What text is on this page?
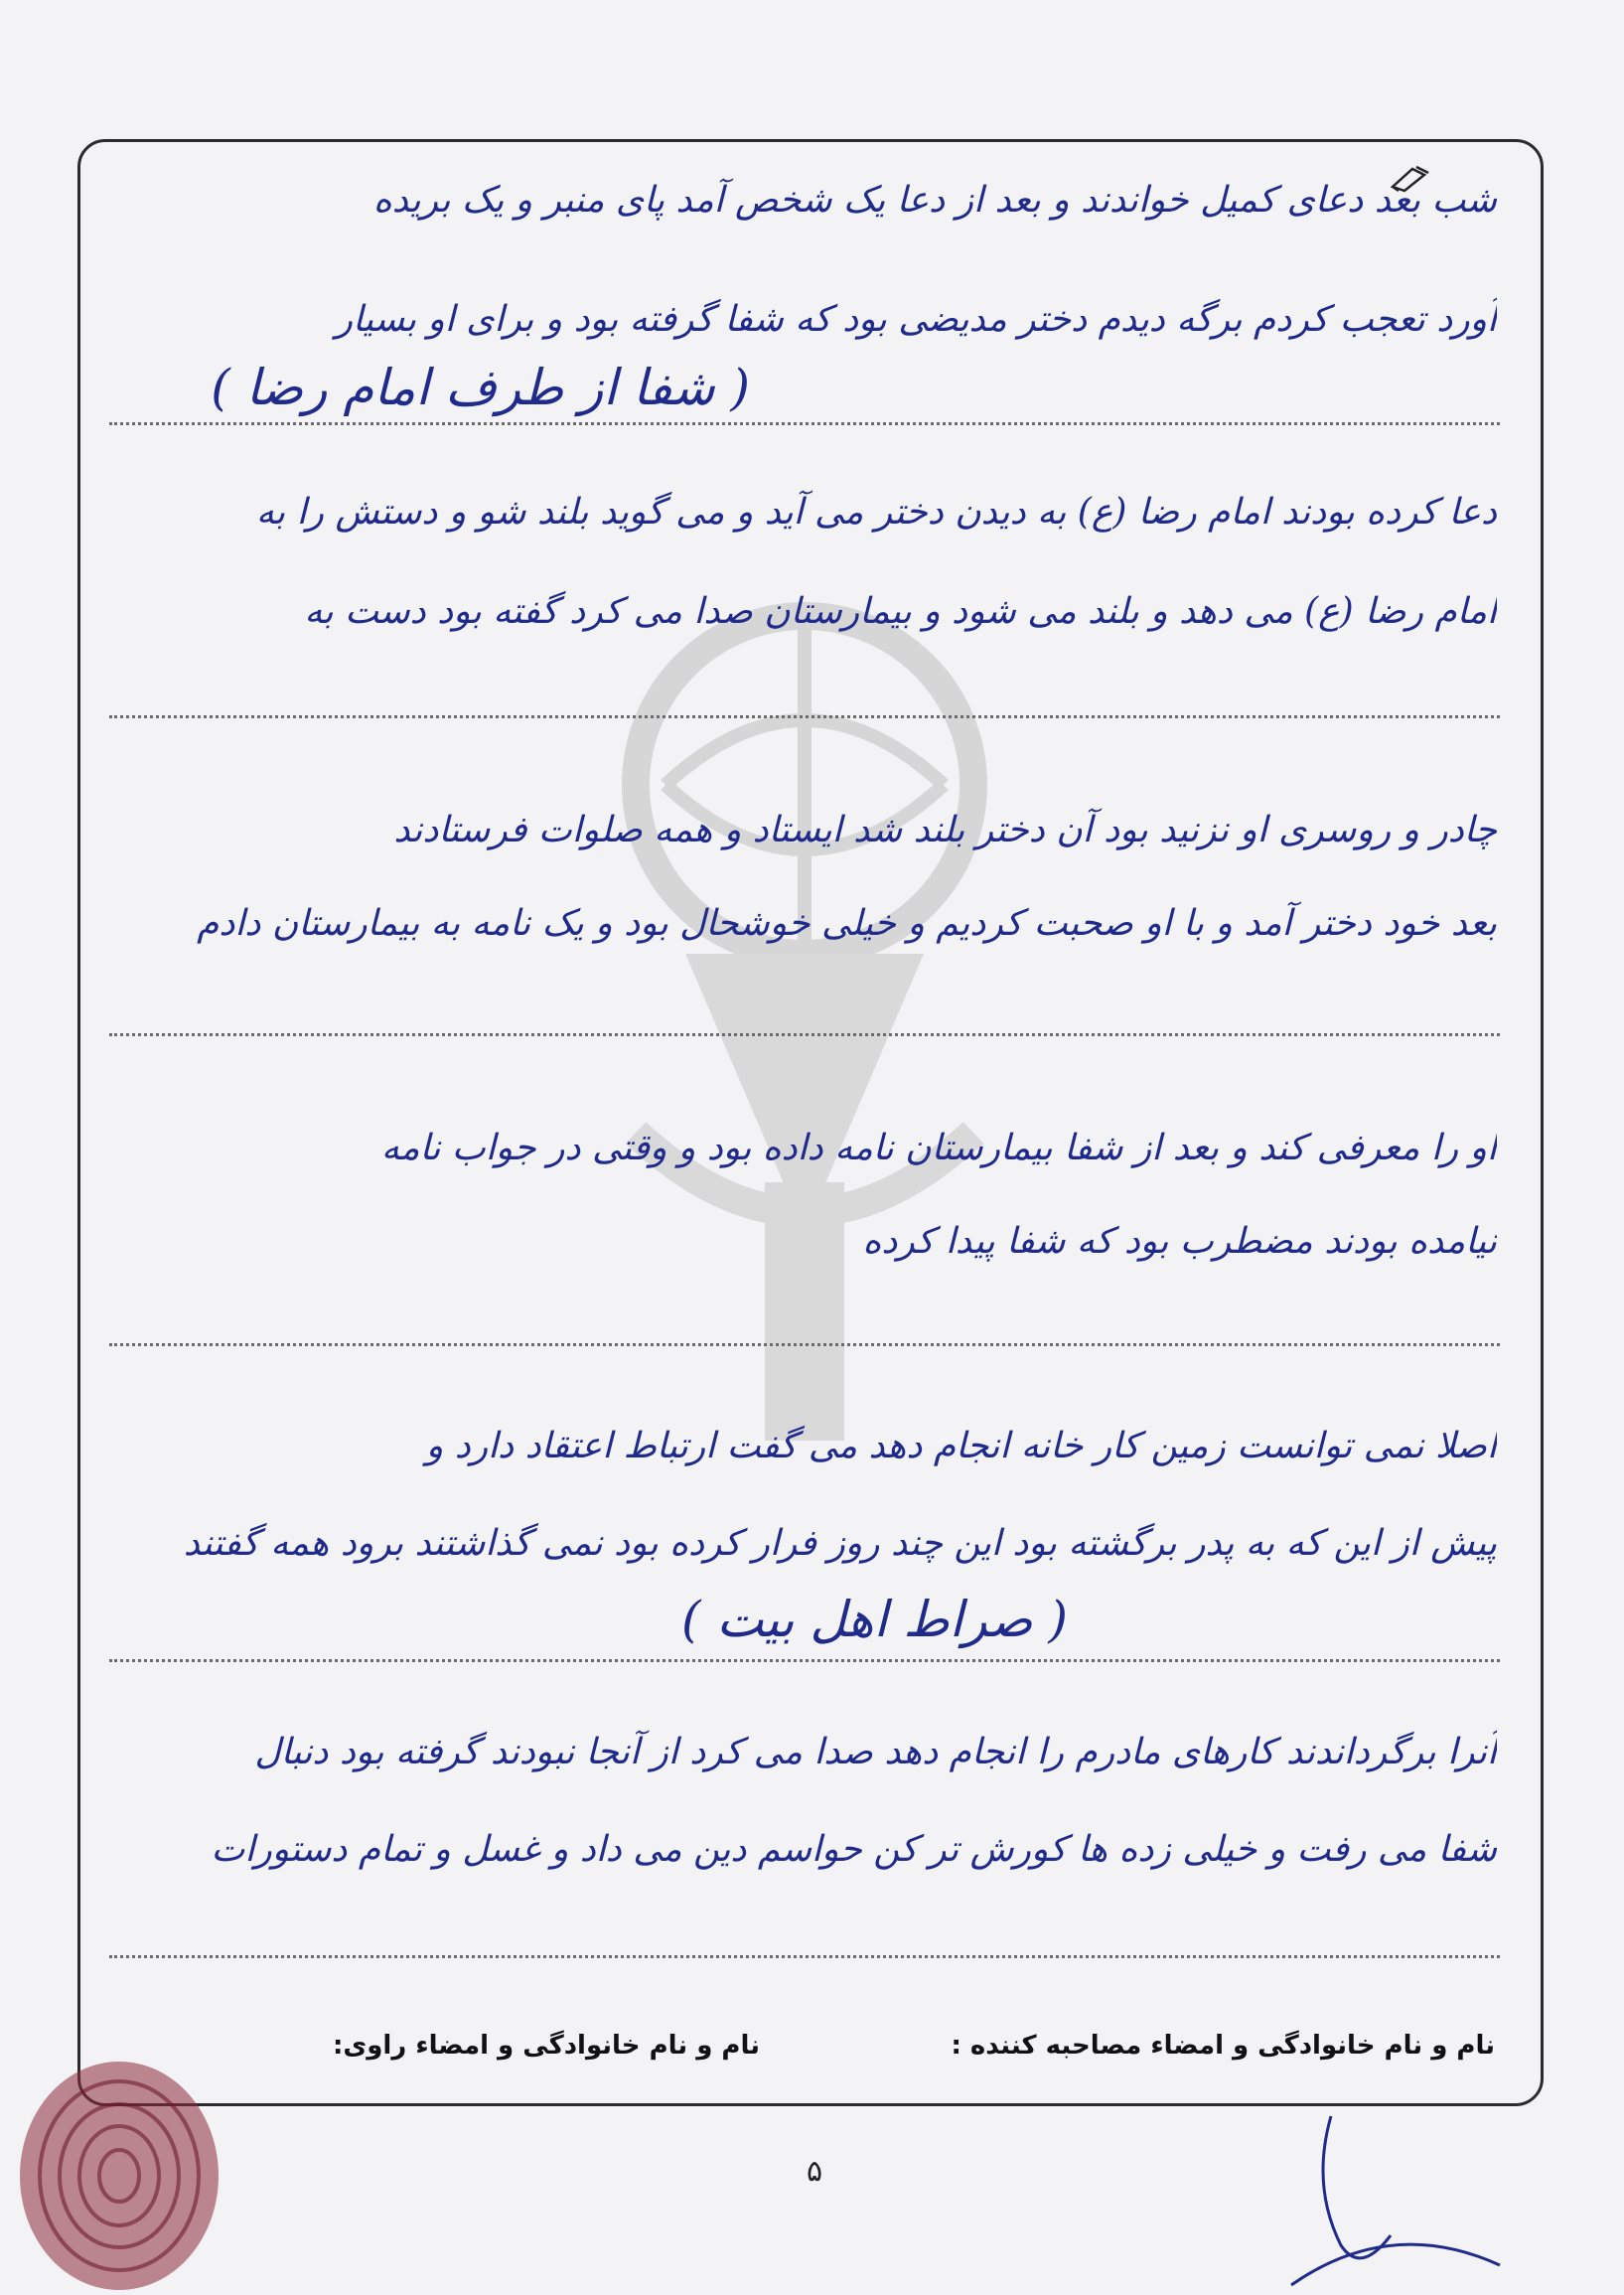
شب بعد دعای کمیل خواندند و بعد از دعا یک شخص آمد پای منبر و یک بریده
آورد تعجب کردم برگه دیدم دختر مدیضی بود که شفا گرفته بود و برای او بسیار
( شفا از طرف امام رضا )
دعا کرده بودند امام رضا (ع) به دیدن دختر می آید و می گوید بلند شو و دستش را به
امام رضا (ع) می دهد و بلند می شود و بیمارستان صدا می کرد گفته بود دست به
چادر و روسری او نزنید بود آن دختر بلند شد ایستاد و همه صلوات فرستادند
بعد خود دختر آمد و با او صحبت کردیم و خیلی خوشحال بود و یک نامه به بیمارستان دادم
او را معرفی کند و بعد از شفا بیمارستان نامه داده بود و وقتی در جواب نامه
نیامده بودند مضطرب بود که شفا پیدا کرده
اصلا نمی توانست زمین کار خانه انجام دهد می گفت ارتباط اعتقاد دارد و
پیش از این که به پدر برگشته بود این چند روز فرار کرده بود نمی گذاشتند برود همه گفتند
( صراط اهل بیت )
آنرا برگرداندند کارهای مادرم را انجام دهد صدا می کرد از آنجا نبودند گرفته بود دنبال
شفا می رفت و خیلی زده ها کورش تر کن حواسم دین می داد و غسل و تمام دستورات
نام و نام خانوادگی و امضاء مصاحبه کننده :
نام و نام خانوادگی و امضاء راوی:
۵
